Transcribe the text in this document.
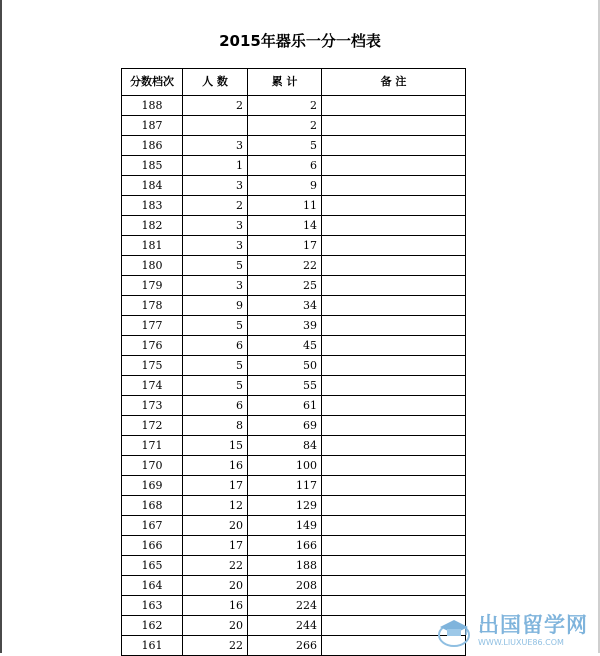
2015年器乐一分一档表
分数档次	人 数	累 计	备 注
188	2	2	
187		2	
186	3	5	
185	1	6	
184	3	9	
183	2	11	
182	3	14	
181	3	17	
180	5	22	
179	3	25	
178	9	34	
177	5	39	
176	6	45	
175	5	50	
174	5	55	
173	6	61	
172	8	69	
171	15	84	
170	16	100	
169	17	117	
168	12	129	
167	20	149	
166	17	166	
165	22	188	
164	20	208	
163	16	224	
162	20	244	
161	22	266	
出国留学网
WWW.LIUXUE86.COM
